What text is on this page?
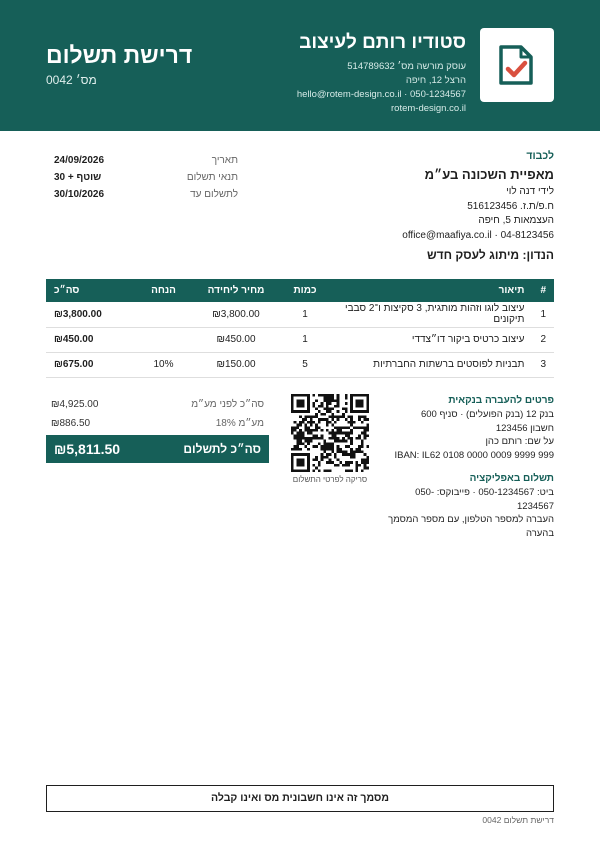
סטודיו רותם לעיצוב
עוסק מורשה מס׳ 514789632
הרצל 12, חיפה
050-1234567 · hello@rotem-design.co.il
rotem-design.co.il
דרישת תשלום
מס׳ 0042
לכבוד
מאפיית השכונה בע״מ
לידי דנה לוי
ח.פ/ת.ז. 516123456
העצמאות 5, חיפה
04-8123456 · office@maafiya.co.il
תאריך
24/09/2026
תנאי תשלום
שוטף + 30
לתשלום עד
30/10/2026
הנדון: מיתוג לעסק חדש
#	תיאור	כמות	מחיר ליחידה	הנחה	סה״כ
1	עיצוב לוגו וזהות מותגית, 3 סקיצות ו־2 סבבי תיקונים	1	₪3,800.00		₪3,800.00
2	עיצוב כרטיס ביקור דו״צדדי	1	₪450.00		₪450.00
3	תבניות לפוסטים ברשתות החברתיות	5	₪150.00	10%	₪675.00
פרטים להעברה בנקאית
בנק 12 (בנק הפועלים) · סניף 600
חשבון 123456
על שם: רותם כהן
IBAN: IL62 0108 0000 0009 9999 999
תשלום באפליקציה
ביט: 050-1234567 · פייבוקס: 050-1234567
העברה למספר הטלפון, עם מספר המסמך בהערה
סריקה לפרטי התשלום
סה״כ לפני מע״מ
₪4,925.00
מע״מ 18%
₪886.50
סה״כ לתשלום
₪5,811.50
מסמך זה אינו חשבונית מס ואינו קבלה
דרישת תשלום 0042
